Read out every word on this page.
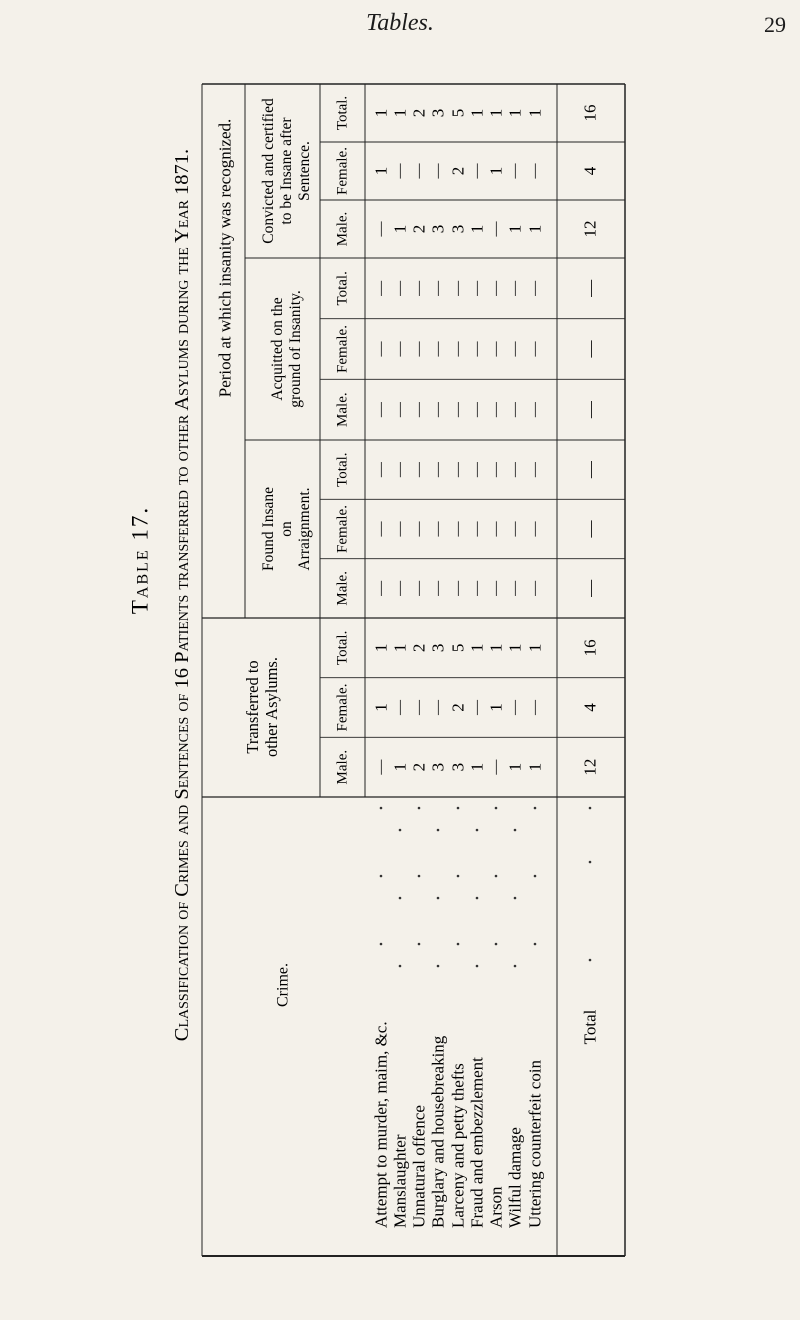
Tables.	29
Table 17. Classification of Crimes and Sentences of 16 Patients transferred to other Asylums during the Year 1871.	Crime.
Period at which insanity was recognized.
Transferred to other Asylums.
Convicted and certified to be Insane after Sentence.
Acquitted on the ground of Insanity.
Found Insane on Arraignment.
Total. 1 1 2 3 5 1 1 1 1 16
Female. 1 — — — 2 — 1 — — 4
Male. — 1 2 3 3 1 — 1 1 12
Total. — — — — — — — — — —
Female. — — — — — — — — — —
Male. — — — — — — — — — —
Total. — — — — — — — — — —
Female. — — — — — — — — — —
Male. — — — — — — — — — —
Total. 1 1 2 3 5 1 1 1 1 16
Female. 1 — — — 2 — 1 — — 4
Male. — 1 2 3 3 1 — 1 1 12
Attempt to murder, maim, &c. Manslaughter Unnatural offence Burglary and housebreaking Larceny and petty thefts Fraud and embezzlement Arson Wilful damage Uttering counterfeit coin
Total
